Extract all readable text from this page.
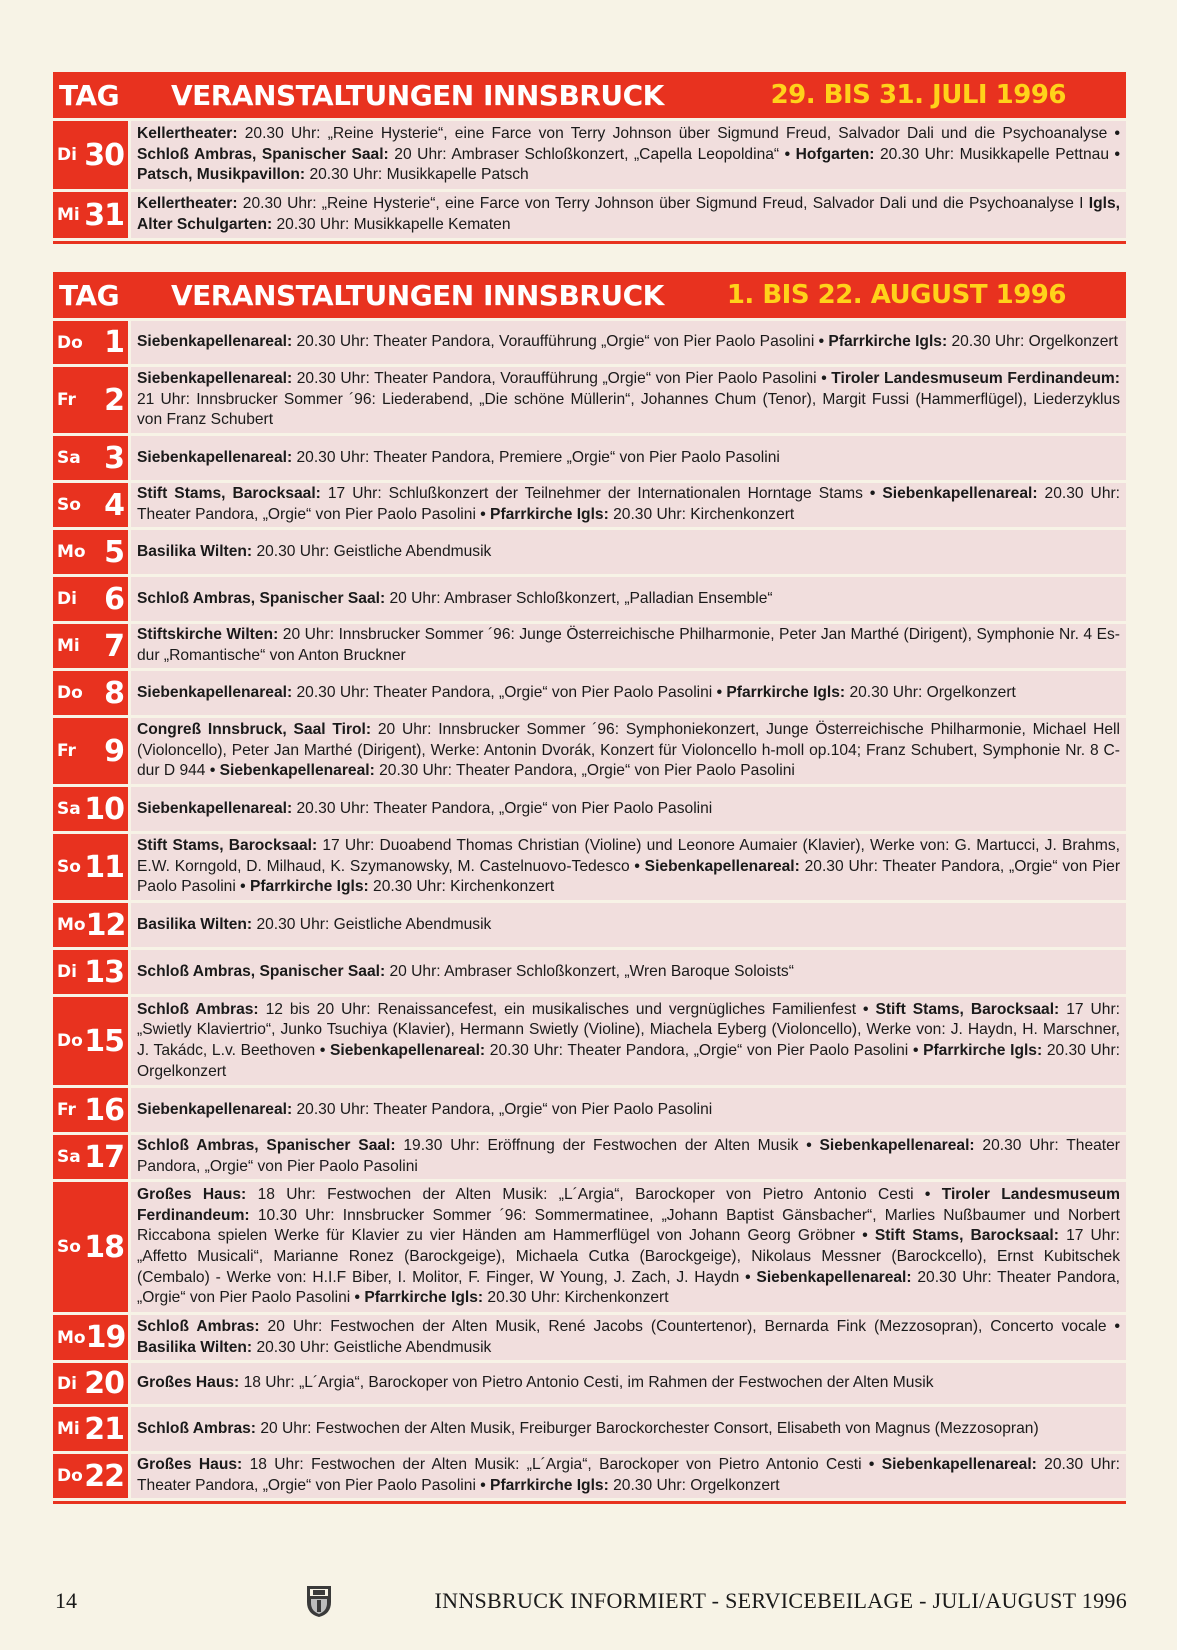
TAG	VERANSTALTUNGEN INNSBRUCK	29. BIS 31. JULI 1996
Di 30
Kellertheater: 20.30 Uhr: „Reine Hysterie“, eine Farce von Terry Johnson über Sigmund Freud, Salvador Dali und die Psychoanalyse • Schloß Ambras, Spanischer Saal: 20 Uhr: Ambraser Schloßkonzert, „Capella Leopoldina“ • Hofgarten: 20.30 Uhr: Musikkapelle Pettnau • Patsch, Musikpavillon: 20.30 Uhr: Musikkapelle Patsch
Mi 31 Kellertheater: 20.30 Uhr: „Reine Hysterie“, eine Farce von Terry Johnson über Sigmund Freud, Salvador Dali und die Psychoanalyse I Igls, Alter Schulgarten: 20.30 Uhr: Musikkapelle Kematen
TAG	VERANSTALTUNGEN INNSBRUCK	1. BIS 22. AUGUST 1996
Do 1 Siebenkapellenareal: 20.30 Uhr: Theater Pandora, Voraufführung „Orgie“ von Pier Paolo Pasolini • Pfarrkirche Igls: 20.30 Uhr: Orgelkonzert
Fr 2
Siebenkapellenareal: 20.30 Uhr: Theater Pandora, Voraufführung „Orgie“ von Pier Paolo Pasolini • Tiroler Landesmuseum Ferdinandeum: 21 Uhr: Innsbrucker Sommer ´96: Liederabend, „Die schöne Müllerin“, Johannes Chum (Tenor), Margit Fussi (Hammerflügel), Liederzyklus von Franz Schubert
Sa 3 Siebenkapellenareal: 20.30 Uhr: Theater Pandora, Premiere „Orgie“ von Pier Paolo Pasolini
So 4 Stift Stams, Barocksaal: 17 Uhr: Schlußkonzert der Teilnehmer der Internationalen Horntage Stams • Siebenkapellenareal: 20.30 Uhr: Theater Pandora, „Orgie“ von Pier Paolo Pasolini • Pfarrkirche Igls: 20.30 Uhr: Kirchenkonzert
Mo 5 Basilika Wilten: 20.30 Uhr: Geistliche Abendmusik
Di 6 Schloß Ambras, Spanischer Saal: 20 Uhr: Ambraser Schloßkonzert, „Palladian Ensemble“
Mi 7 Stiftskirche Wilten: 20 Uhr: Innsbrucker Sommer ´96: Junge Österreichische Philharmonie, Peter Jan Marthé (Dirigent), Symphonie Nr. 4 Es-dur „Romantische“ von Anton Bruckner
Do 8 Siebenkapellenareal: 20.30 Uhr: Theater Pandora, „Orgie“ von Pier Paolo Pasolini • Pfarrkirche Igls: 20.30 Uhr: Orgelkonzert
Fr 9
Congreß Innsbruck, Saal Tirol: 20 Uhr: Innsbrucker Sommer ´96: Symphoniekonzert, Junge Österreichische Philharmonie, Michael Hell (Violoncello), Peter Jan Marthé (Dirigent), Werke: Antonin Dvorák, Konzert für Violoncello h-moll op.104; Franz Schubert, Symphonie Nr. 8 C-dur D 944 • Siebenkapellenareal: 20.30 Uhr: Theater Pandora, „Orgie“ von Pier Paolo Pasolini
Sa 10 Siebenkapellenareal: 20.30 Uhr: Theater Pandora, „Orgie“ von Pier Paolo Pasolini
So 11
Stift Stams, Barocksaal: 17 Uhr: Duoabend Thomas Christian (Violine) und Leonore Aumaier (Klavier), Werke von: G. Martucci, J. Brahms, E.W. Korngold, D. Milhaud, K. Szymanowsky, M. Castelnuovo-Tedesco • Siebenkapellenareal: 20.30 Uhr: Theater Pandora, „Orgie“ von Pier Paolo Pasolini • Pfarrkirche Igls: 20.30 Uhr: Kirchenkonzert
Mo 12 Basilika Wilten: 20.30 Uhr: Geistliche Abendmusik
Di 13 Schloß Ambras, Spanischer Saal: 20 Uhr: Ambraser Schloßkonzert, „Wren Baroque Soloists“
Do 15
Schloß Ambras: 12 bis 20 Uhr: Renaissancefest, ein musikalisches und vergnügliches Familienfest • Stift Stams, Barocksaal: 17 Uhr: „Swietly Klaviertrio“, Junko Tsuchiya (Klavier), Hermann Swietly (Violine), Miachela Eyberg (Violoncello), Werke von: J. Haydn, H. Marschner, J. Takádc, L.v. Beethoven • Siebenkapellenareal: 20.30 Uhr: Theater Pandora, „Orgie“ von Pier Paolo Pasolini • Pfarrkirche Igls: 20.30 Uhr: Orgelkonzert
Fr 16 Siebenkapellenareal: 20.30 Uhr: Theater Pandora, „Orgie“ von Pier Paolo Pasolini
Sa 17 Schloß Ambras, Spanischer Saal: 19.30 Uhr: Eröffnung der Festwochen der Alten Musik • Siebenkapellenareal: 20.30 Uhr: Theater Pandora, „Orgie“ von Pier Paolo Pasolini
So 18
Großes Haus: 18 Uhr: Festwochen der Alten Musik: „L´Argia“, Barockoper von Pietro Antonio Cesti • Tiroler Landesmuseum Ferdinandeum: 10.30 Uhr: Innsbrucker Sommer ´96: Sommermatinee, „Johann Baptist Gänsbacher“, Marlies Nußbaumer und Norbert Riccabona spielen Werke für Klavier zu vier Händen am Hammerflügel von Johann Georg Gröbner • Stift Stams, Barocksaal: 17 Uhr: „Affetto Musicali“, Marianne Ronez (Barockgeige), Michaela Cutka (Barockgeige), Nikolaus Messner (Barockcello), Ernst Kubitschek (Cembalo) - Werke von: H.I.F Biber, I. Molitor, F. Finger, W Young, J. Zach, J. Haydn • Siebenkapellenareal: 20.30 Uhr: Theater Pandora, „Orgie“ von Pier Paolo Pasolini • Pfarrkirche Igls: 20.30 Uhr: Kirchenkonzert
Mo 19 Schloß Ambras: 20 Uhr: Festwochen der Alten Musik, René Jacobs (Countertenor), Bernarda Fink (Mezzosopran), Concerto vocale • Basilika Wilten: 20.30 Uhr: Geistliche Abendmusik
Di 20 Großes Haus: 18 Uhr: „L´Argia“, Barockoper von Pietro Antonio Cesti, im Rahmen der Festwochen der Alten Musik
Mi 21 Schloß Ambras: 20 Uhr: Festwochen der Alten Musik, Freiburger Barockorchester Consort, Elisabeth von Magnus (Mezzosopran)
Do 22 Großes Haus: 18 Uhr: Festwochen der Alten Musik: „L´Argia“, Barockoper von Pietro Antonio Cesti • Siebenkapellenareal: 20.30 Uhr: Theater Pandora, „Orgie“ von Pier Paolo Pasolini • Pfarrkirche Igls: 20.30 Uhr: Orgelkonzert
14	INNSBRUCK INFORMIERT - SERVICEBEILAGE - JULI/AUGUST 1996
